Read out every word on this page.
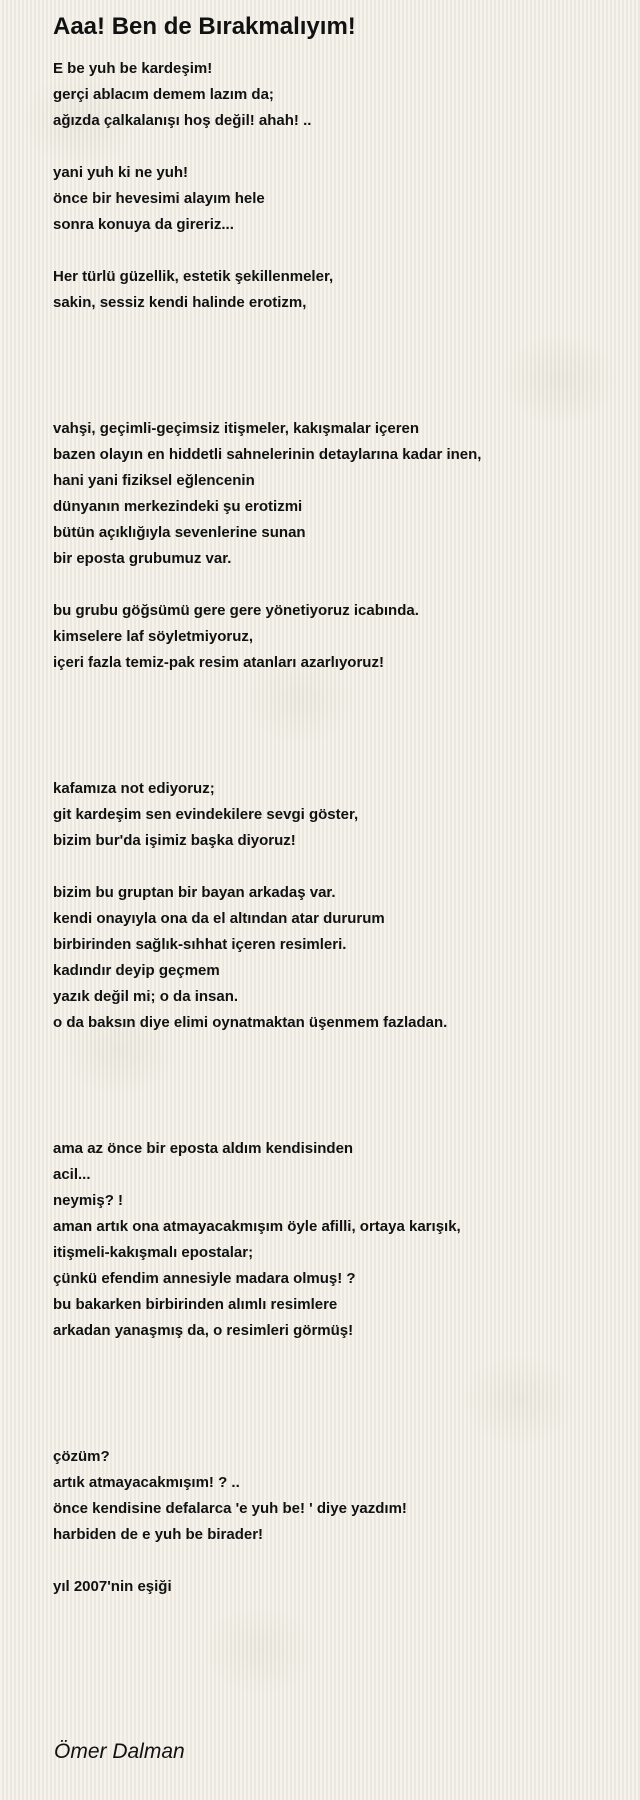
Aaa! Ben de Bırakmalıyım!
E be yuh be kardeşim!
gerçi ablacım demem lazım da;
ağızda çalkalanışı hoş değil! ahah! ..
yani yuh ki ne yuh!
önce bir hevesimi alayım hele
sonra konuya da gireriz...
Her türlü güzellik, estetik şekillenmeler,
sakin, sessiz kendi halinde erotizm,
vahşi, geçimli-geçimsiz itişmeler, kakışmalar içeren
bazen olayın en hiddetli sahnelerinin detaylarına kadar inen,
hani yani fiziksel eğlencenin
dünyanın merkezindeki şu erotizmi
bütün açıklığıyla sevenlerine sunan
bir eposta grubumuz var.
bu grubu göğsümü gere gere yönetiyoruz icabında.
kimselere laf söyletmiyoruz,
içeri fazla temiz-pak resim atanları azarlıyoruz!
kafamıza not ediyoruz;
git kardeşim sen evindekilere sevgi göster,
bizim bur'da işimiz başka diyoruz!
bizim bu gruptan bir bayan arkadaş var.
kendi onayıyla ona da el altından atar dururum
birbirinden sağlık-sıhhat içeren resimleri.
kadındır deyip geçmem
yazık değil mi; o da insan.
o da baksın diye elimi oynatmaktan üşenmem fazladan.
ama az önce bir eposta aldım kendisinden
acil...
neymiş? !
aman artık ona atmayacakmışım öyle afilli, ortaya karışık,
itişmeli-kakışmalı epostalar;
çünkü efendim annesiyle madara olmuş! ?
bu bakarken birbirinden alımlı resimlere
arkadan yanaşmış da, o resimleri görmüş!
çözüm?
artık atmayacakmışım! ? ..
önce kendisine defalarca 'e yuh be! ' diye yazdım!
harbiden de e yuh be birader!
yıl 2007'nin eşiği
Ömer Dalman
